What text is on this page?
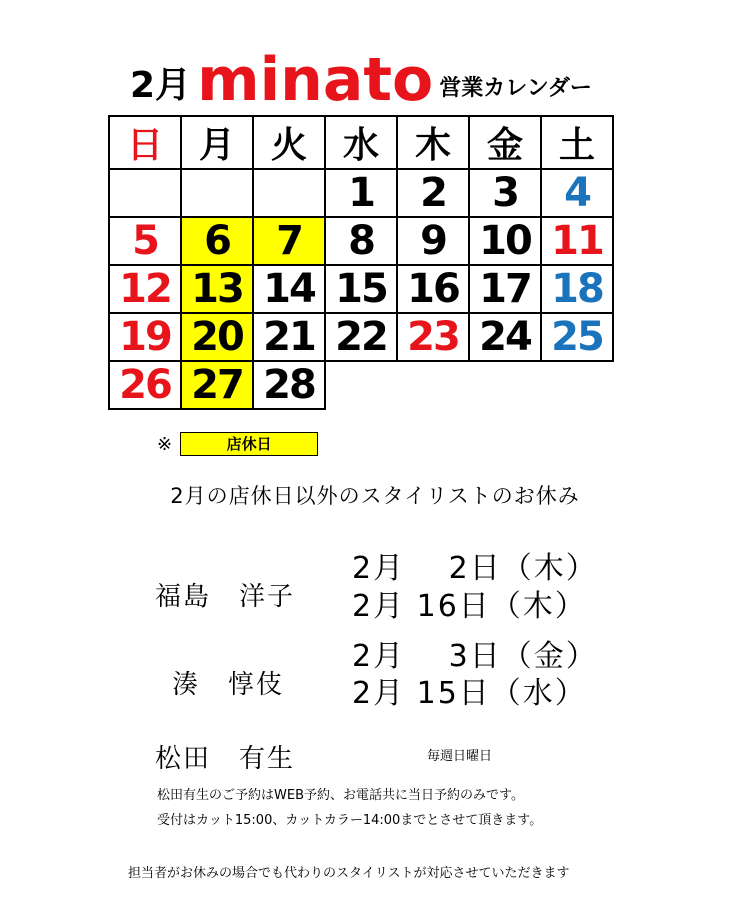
2月 minato 営業カレンダー
日	月	火	水	木	金	土
			1	2	3	4
5	6	7	8	9	10	11
12	13	14	15	16	17	18
19	20	21	22	23	24	25
26	27	28				
※	店休日
2月の店休日以外のスタイリストのお休み
福島　洋子
2月　 2日（木）
2月 16日（木）
湊　惇伎
2月　 3日（金）
2月 15日（水）
松田　有生	毎週日曜日
松田有生のご予約はWEB予約、お電話共に当日予約のみです。
受付はカット15:00、カットカラー14:00までとさせて頂きます。
担当者がお休みの場合でも代わりのスタイリストが対応させていただきます
